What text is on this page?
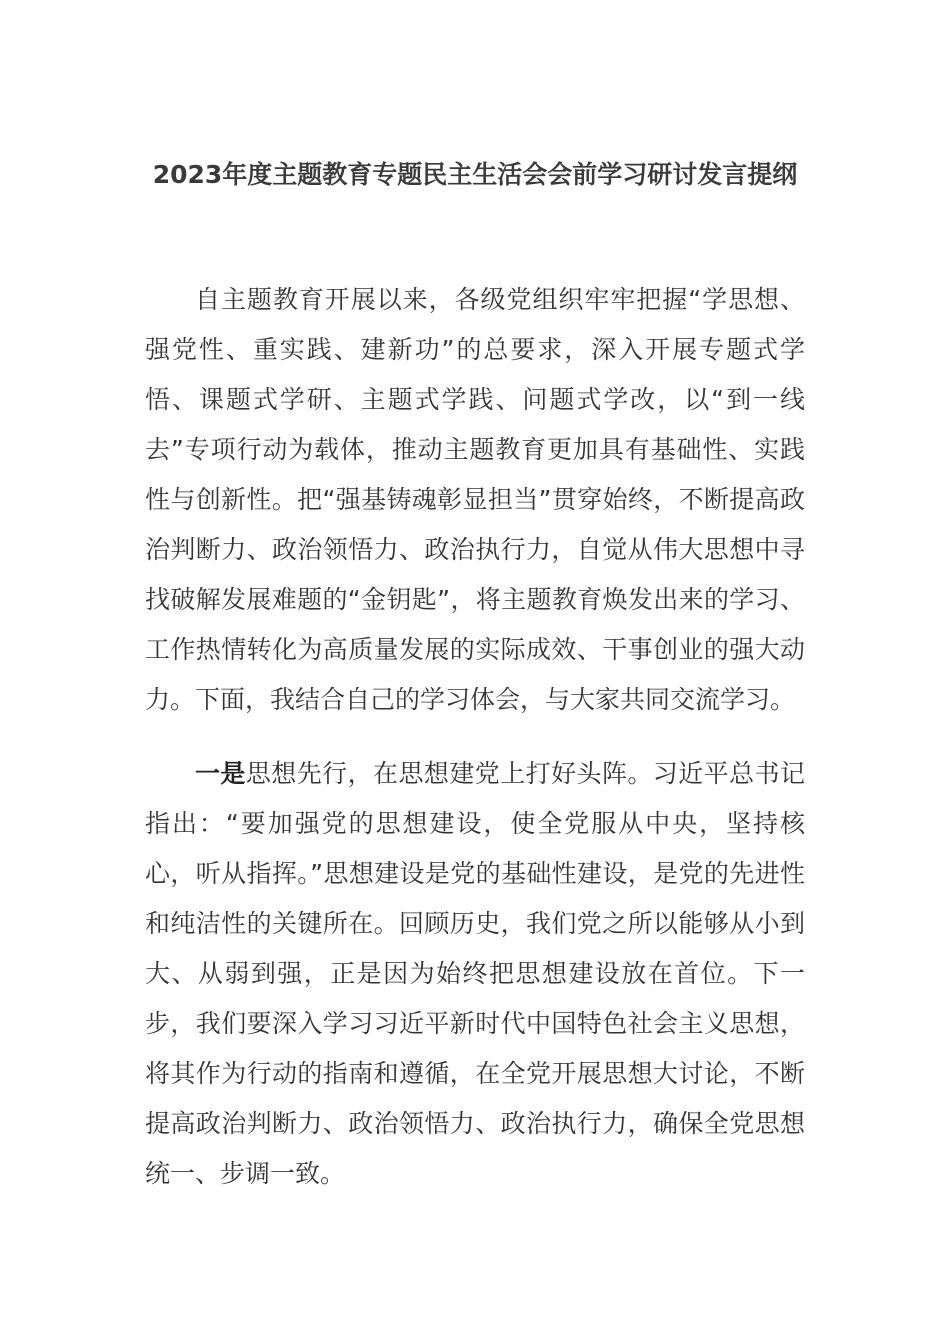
2023年度主题教育专题民主生活会会前学习研讨发言提纲

自主题教育开展以来，各级党组织牢牢把握“学思想、强党性、重实践、建新功”的总要求，深入开展专题式学悟、课题式学研、主题式学践、问题式学改，以“到一线去”专项行动为载体，推动主题教育更加具有基础性、实践性与创新性。把“强基铸魂彰显担当”贯穿始终，不断提高政治判断力、政治领悟力、政治执行力，自觉从伟大思想中寻找破解发展难题的“金钥匙”，将主题教育焕发出来的学习、工作热情转化为高质量发展的实际成效、干事创业的强大动力。下面，我结合自己的学习体会，与大家共同交流学习。

一是思想先行，在思想建党上打好头阵。习近平总书记指出：“要加强党的思想建设，使全党服从中央，坚持核心，听从指挥。”思想建设是党的基础性建设，是党的先进性和纯洁性的关键所在。回顾历史，我们党之所以能够从小到大、从弱到强，正是因为始终把思想建设放在首位。下一步，我们要深入学习习近平新时代中国特色社会主义思想，将其作为行动的指南和遵循，在全党开展思想大讨论，不断提高政治判断力、政治领悟力、政治执行力，确保全党思想统一、步调一致。
